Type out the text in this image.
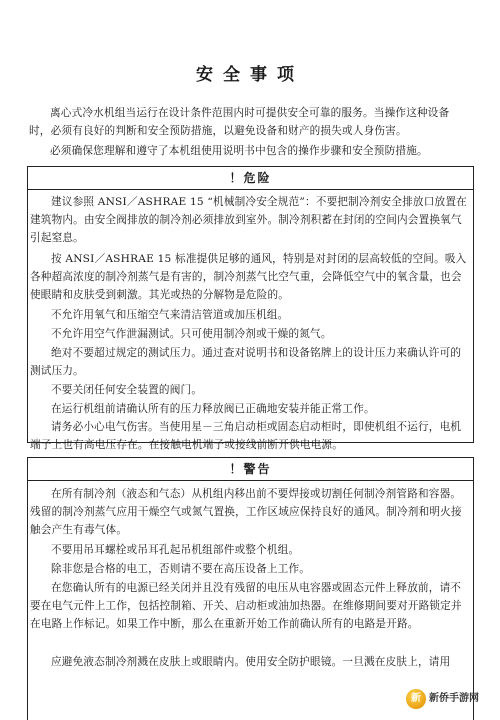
安全事项
离心式冷水机组当运行在设计条件范围内时可提供安全可靠的服务。当操作这种设备时，必须有良好的判断和安全预防措施，以避免设备和财产的损失或人身伤害。
必须确保您理解和遵守了本机组使用说明书中包含的操作步骤和安全预防措施。
！危险
建议参照 ANSI／ASHRAE 15 “机械制冷安全规范”：不要把制冷剂安全排放口放置在建筑物内。由安全阀排放的制冷剂必须排放到室外。制冷剂积蓄在封闭的空间内会置换氧气引起窒息。
按 ANSI／ASHRAE 15 标准提供足够的通风，特别是对封闭的层高较低的空间。吸入各种超高浓度的制冷剂蒸气是有害的，制冷剂蒸气比空气重，会降低空气中的氧含量，也会使眼睛和皮肤受到刺激。其光或热的分解物是危险的。
不允许用氧气和压缩空气来清洁管道或加压机组。
不允许用空气作泄漏测试。只可使用制冷剂或干燥的氮气。
绝对不要超过规定的测试压力。通过查对说明书和设备铭牌上的设计压力来确认许可的测试压力。
不要关闭任何安全装置的阀门。
在运行机组前请确认所有的压力释放阀已正确地安装并能正常工作。
请务必小心电气伤害。当使用星－三角启动柜或固态启动柜时，即使机组不运行，电机端子上也有高电压存在。在接触电机端子或接线前断开供电电源。
！警告
在所有制冷剂（液态和气态）从机组内移出前不要焊接或切割任何制冷剂管路和容器。残留的制冷剂蒸气应用干燥空气或氮气置换，工作区域应保持良好的通风。制冷剂和明火接触会产生有毒气体。
不要用吊耳螺栓或吊耳孔起吊机组部件或整个机组。
除非您是合格的电工，否则请不要在高压设备上工作。
在您确认所有的电源已经关闭并且没有残留的电压从电容器或固态元件上释放前，请不要在电气元件上工作，包括控制箱、开关、启动柜或油加热器。在维修期间要对开路锁定并在电路上作标记。如果工作中断，那么在重新开始工作前确认所有的电路是开路。
应避免液态制冷剂溅在皮肤上或眼睛内。使用安全防护眼镜。一旦溅在皮肤上，请用
新 新侨手游网
